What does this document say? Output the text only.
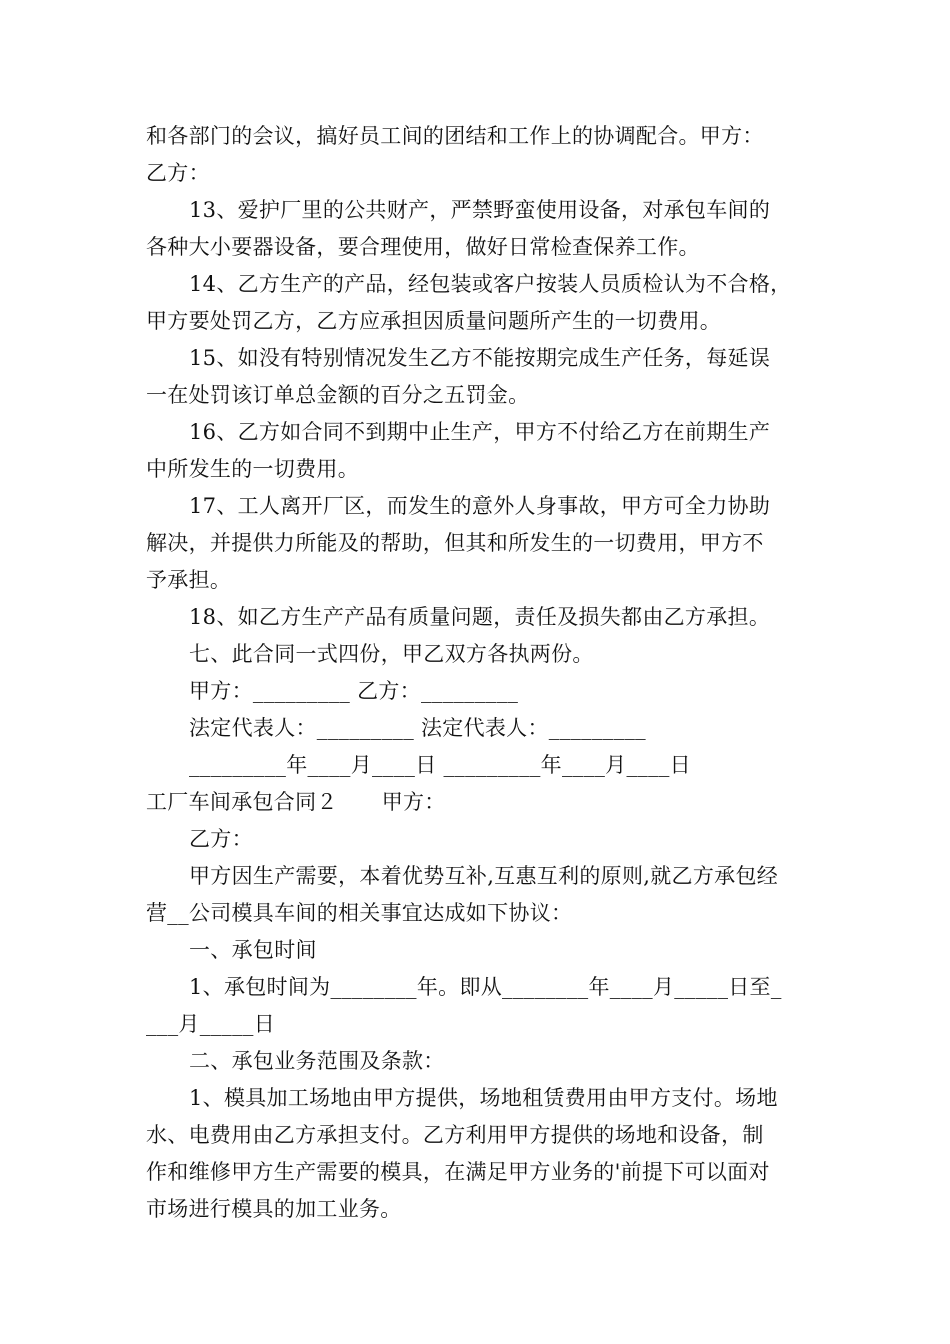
和各部门的会议，搞好员工间的团结和工作上的协调配合。甲方：
乙方：
13、爱护厂里的公共财产，严禁野蛮使用设备，对承包车间的
各种大小要器设备，要合理使用，做好日常检查保养工作。
14、乙方生产的产品，经包装或客户按装人员质检认为不合格，
甲方要处罚乙方，乙方应承担因质量问题所产生的一切费用。
15、如没有特别情况发生乙方不能按期完成生产任务，每延误
一在处罚该订单总金额的百分之五罚金。
16、乙方如合同不到期中止生产，甲方不付给乙方在前期生产
中所发生的一切费用。
17、工人离开厂区，而发生的意外人身事故，甲方可全力协助
解决，并提供力所能及的帮助，但其和所发生的一切费用，甲方不
予承担。
18、如乙方生产产品有质量问题，责任及损失都由乙方承担。
七、此合同一式四份，甲乙双方各执两份。
甲方：_________ 乙方：_________
法定代表人：_________ 法定代表人：_________
_________年____月____日 _________年____月____日
工厂车间承包合同２ 甲方：
乙方：
甲方因生产需要，本着优势互补,互惠互利的原则,就乙方承包经
营__公司模具车间的相关事宜达成如下协议：
一、承包时间
1、承包时间为________年。即从________年____月_____日至_
___月_____日
二、承包业务范围及条款：
1、模具加工场地由甲方提供，场地租赁费用由甲方支付。场地
水、电费用由乙方承担支付。乙方利用甲方提供的场地和设备，制
作和维修甲方生产需要的模具，在满足甲方业务的'前提下可以面对
市场进行模具的加工业务。
